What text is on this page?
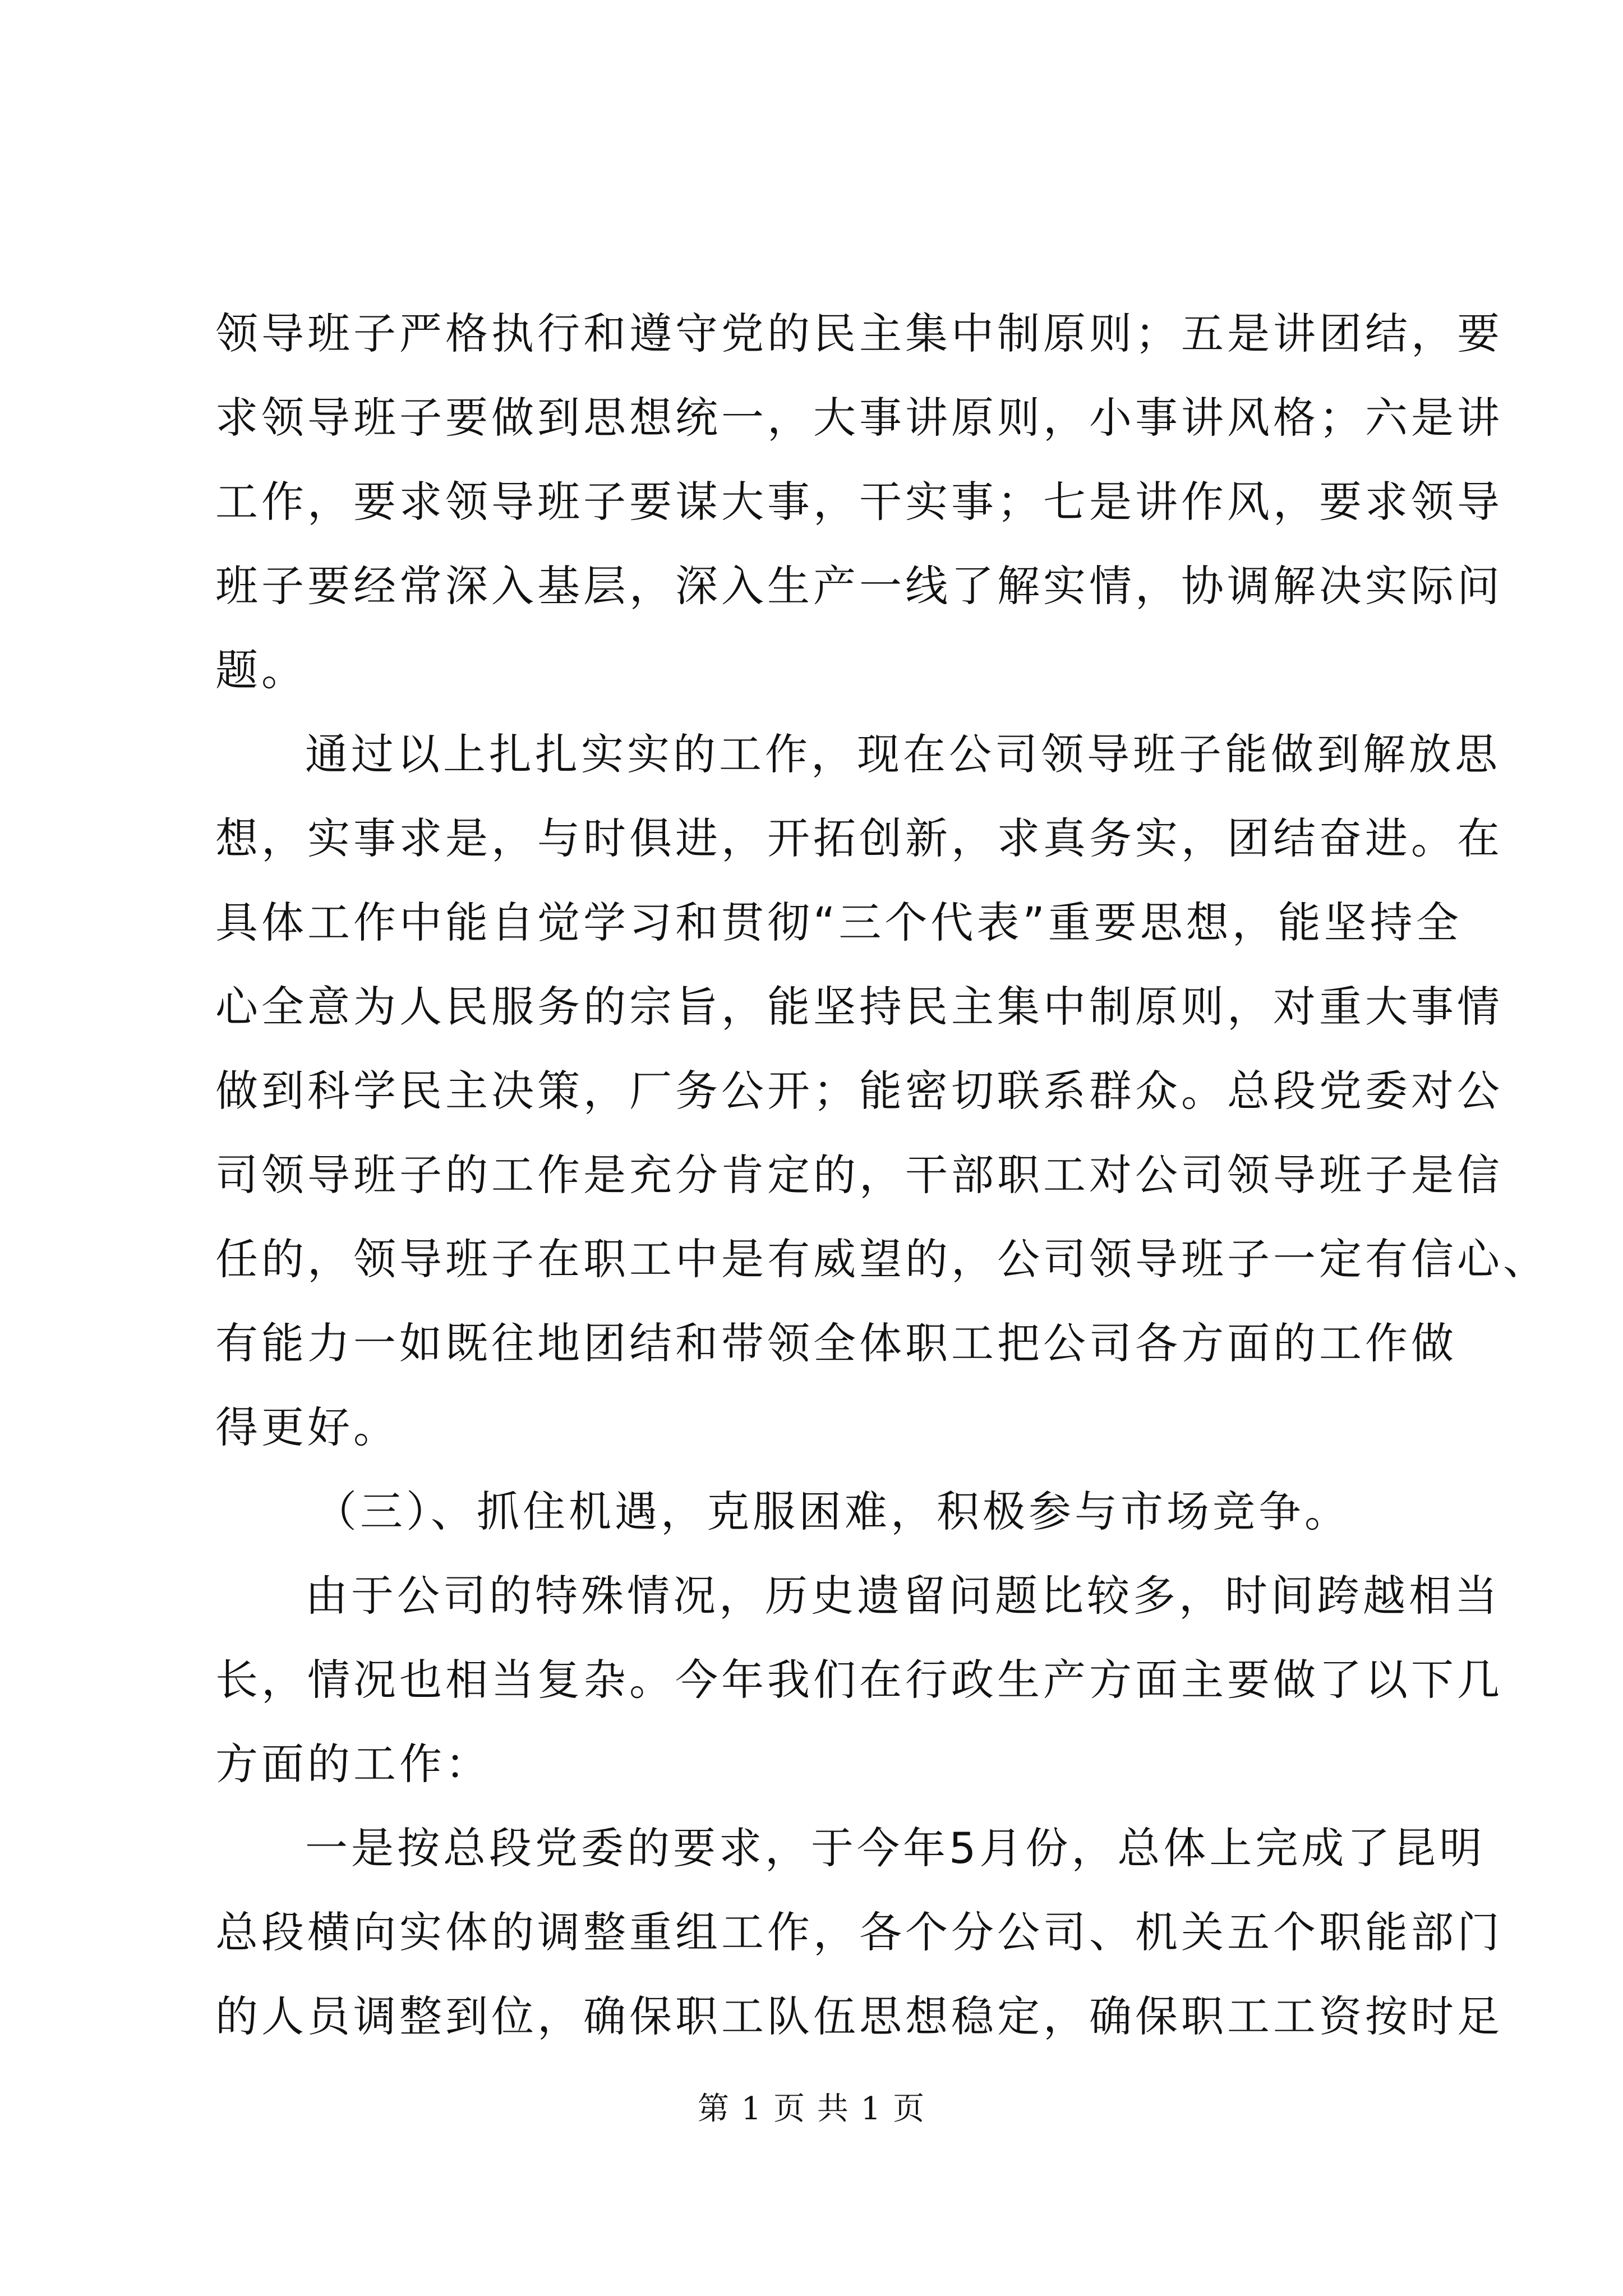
领导班子严格执行和遵守党的民主集中制原则；五是讲团结，要
求领导班子要做到思想统一，大事讲原则，小事讲风格；六是讲
工作，要求领导班子要谋大事，干实事；七是讲作风，要求领导
班子要经常深入基层，深入生产一线了解实情，协调解决实际问
题。
通过以上扎扎实实的工作，现在公司领导班子能做到解放思
想，实事求是，与时俱进，开拓创新，求真务实，团结奋进。在
具体工作中能自觉学习和贯彻“三个代表”重要思想，能坚持全
心全意为人民服务的宗旨，能坚持民主集中制原则，对重大事情
做到科学民主决策，厂务公开；能密切联系群众。总段党委对公
司领导班子的工作是充分肯定的，干部职工对公司领导班子是信
任的，领导班子在职工中是有威望的，公司领导班子一定有信心、
有能力一如既往地团结和带领全体职工把公司各方面的工作做
得更好。
（三）、抓住机遇，克服困难，积极参与市场竞争。
由于公司的特殊情况，历史遗留问题比较多，时间跨越相当
长，情况也相当复杂。今年我们在行政生产方面主要做了以下几
方面的工作：
一是按总段党委的要求，于今年5月份，总体上完成了昆明
总段横向实体的调整重组工作，各个分公司、机关五个职能部门
的人员调整到位，确保职工队伍思想稳定，确保职工工资按时足
第 1 页 共 1 页
